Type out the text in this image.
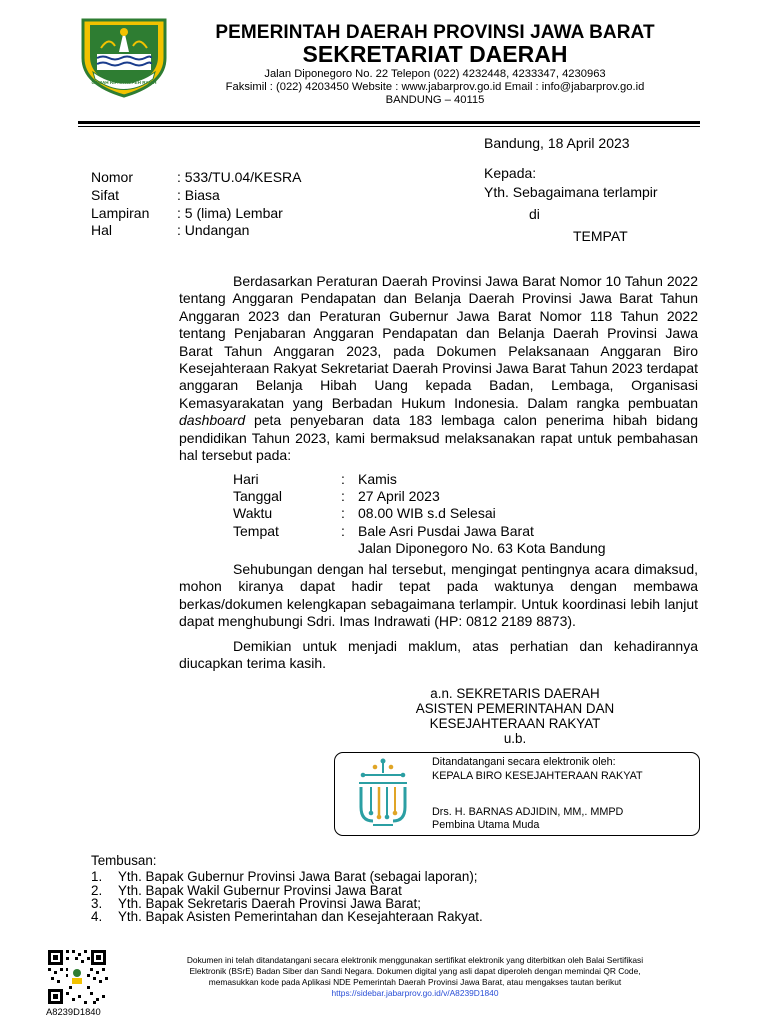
GEMAH RIPAH REPEH RAPIH
PEMERINTAH DAERAH PROVINSI JAWA BARAT
SEKRETARIAT DAERAH
Jalan Diponegoro No. 22 Telepon (022) 4232448, 4233347, 4230963
Faksimil : (022) 4203450 Website : www.jabarprov.go.id Email : info@jabarprov.go.id
BANDUNG – 40115
Bandung, 18 April 2023
Nomor	: 533/TU.04/KESRA
Sifat	: Biasa
Lampiran : 5 (lima) Lembar
Hal	: Undangan
Kepada:
Yth. Sebagaimana terlampir
di
TEMPAT
Berdasarkan Peraturan Daerah Provinsi Jawa Barat Nomor 10 Tahun 2022 tentang Anggaran Pendapatan dan Belanja Daerah Provinsi Jawa Barat Tahun Anggaran 2023 dan Peraturan Gubernur Jawa Barat Nomor 118 Tahun 2022 tentang Penjabaran Anggaran Pendapatan dan Belanja Daerah Provinsi Jawa Barat Tahun Anggaran 2023, pada Dokumen Pelaksanaan Anggaran Biro Kesejahteraan Rakyat Sekretariat Daerah Provinsi Jawa Barat Tahun 2023 terdapat anggaran Belanja Hibah Uang kepada Badan, Lembaga, Organisasi Kemasyarakatan yang Berbadan Hukum Indonesia. Dalam rangka pembuatan dashboard peta penyebaran data 183 lembaga calon penerima hibah bidang pendidikan Tahun 2023, kami bermaksud melaksanakan rapat untuk pembahasan hal tersebut pada:
Hari	: Kamis
Tanggal	: 27 April 2023
Waktu	: 08.00 WIB s.d Selesai
Tempat	: Bale Asri Pusdai Jawa Barat
Jalan Diponegoro No. 63 Kota Bandung
Sehubungan dengan hal tersebut, mengingat pentingnya acara dimaksud, mohon kiranya dapat hadir tepat pada waktunya dengan membawa berkas/dokumen kelengkapan sebagaimana terlampir. Untuk koordinasi lebih lanjut dapat menghubungi Sdri. Imas Indrawati (HP: 0812 2189 8873).
Demikian untuk menjadi maklum, atas perhatian dan kehadirannya diucapkan terima kasih.
a.n. SEKRETARIS DAERAH
ASISTEN PEMERINTAHAN DAN
KESEJAHTERAAN RAKYAT
u.b.
Ditandatangani secara elektronik oleh:
KEPALA BIRO KESEJAHTERAAN RAKYAT
Drs. H. BARNAS ADJIDIN, MM,. MMPD
Pembina Utama Muda
Tembusan:
1. Yth. Bapak Gubernur Provinsi Jawa Barat (sebagai laporan);
2. Yth. Bapak Wakil Gubernur Provinsi Jawa Barat
3. Yth. Bapak Sekretaris Daerah Provinsi Jawa Barat;
4. Yth. Bapak Asisten Pemerintahan dan Kesejahteraan Rakyat.
A8239D1840
Dokumen ini telah ditandatangani secara elektronik menggunakan sertifikat elektronik yang diterbitkan oleh Balai Sertifikasi
Elektronik (BSrE) Badan Siber dan Sandi Negara. Dokumen digital yang asli dapat diperoleh dengan memindai QR Code,
memasukkan kode pada Aplikasi NDE Pemerintah Daerah Provinsi Jawa Barat, atau mengakses tautan berikut
https://sidebar.jabarprov.go.id/v/A8239D1840
